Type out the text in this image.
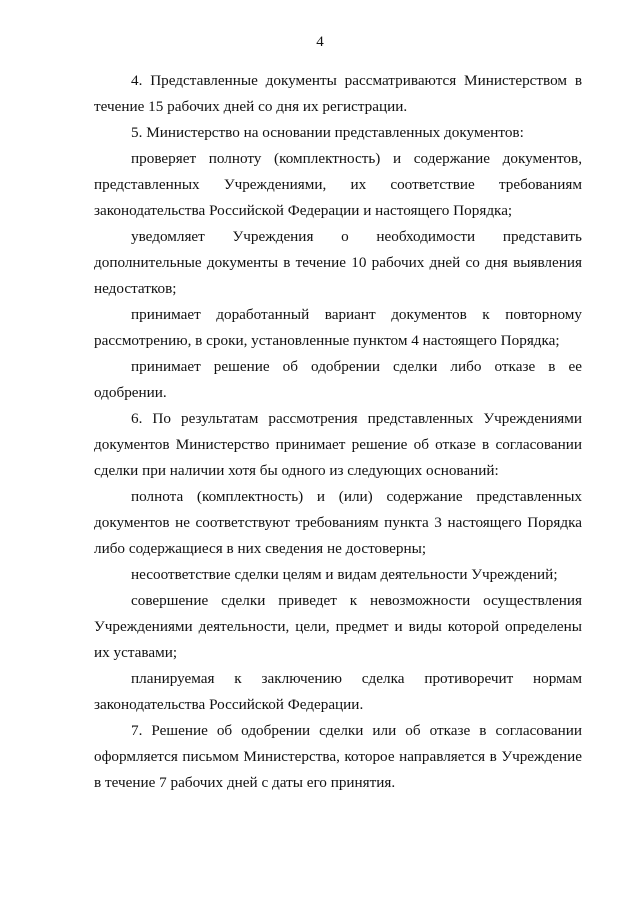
4

4. Представленные документы рассматриваются Министерством в течение 15 рабочих дней со дня их регистрации.

5. Министерство на основании представленных документов:

проверяет полноту (комплектность) и содержание документов, представленных Учреждениями, их соответствие требованиям законодательства Российской Федерации и настоящего Порядка;

уведомляет Учреждения о необходимости представить дополнительные документы в течение 10 рабочих дней со дня выявления недостатков;

принимает доработанный вариант документов к повторному рассмотрению, в сроки, установленные пунктом 4 настоящего Порядка;

принимает решение об одобрении сделки либо отказе в ее одобрении.

6. По результатам рассмотрения представленных Учреждениями документов Министерство принимает решение об отказе в согласовании сделки при наличии хотя бы одного из следующих оснований:

полнота (комплектность) и (или) содержание представленных документов не соответствуют требованиям пункта 3 настоящего Порядка либо содержащиеся в них сведения не достоверны;

несоответствие сделки целям и видам деятельности Учреждений;

совершение сделки приведет к невозможности осуществления Учреждениями деятельности, цели, предмет и виды которой определены их уставами;

планируемая к заключению сделка противоречит нормам законодательства Российской Федерации.

7. Решение об одобрении сделки или об отказе в согласовании оформляется письмом Министерства, которое направляется в Учреждение в течение 7 рабочих дней с даты его принятия.
